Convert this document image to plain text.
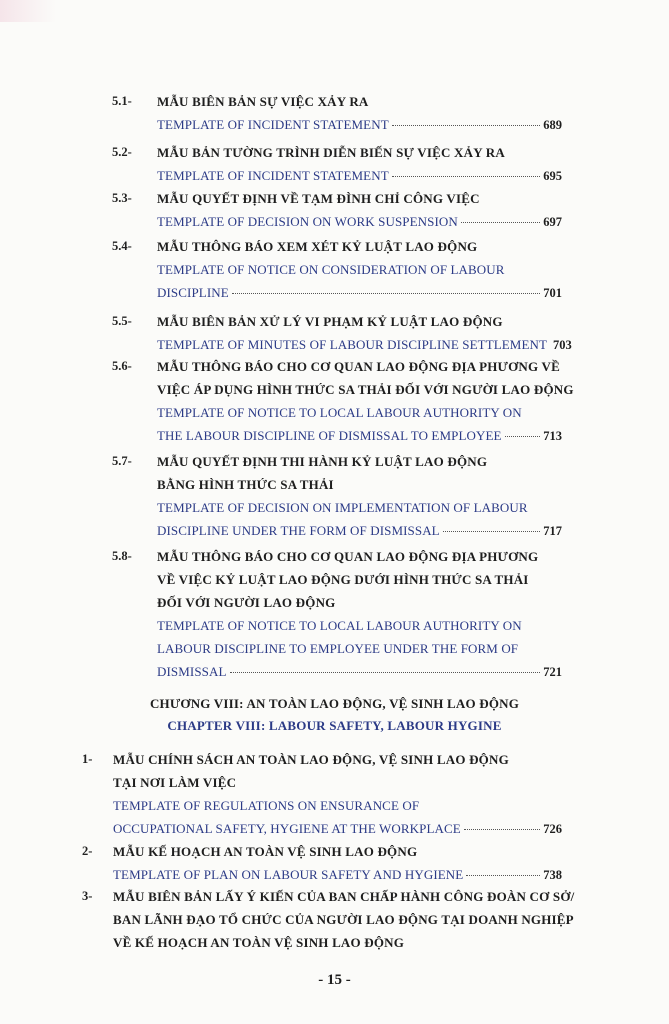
5.1- MẪU BIÊN BẢN SỰ VIỆC XẢY RA
TEMPLATE OF INCIDENT STATEMENT	689
5.2- MẪU BẢN TƯỜNG TRÌNH DIỄN BIẾN SỰ VIỆC XẢY RA
TEMPLATE OF INCIDENT STATEMENT	695
5.3- MẪU QUYẾT ĐỊNH VỀ TẠM ĐÌNH CHỈ CÔNG VIỆC
TEMPLATE OF DECISION ON WORK SUSPENSION	697
5.4- MẪU THÔNG BÁO XEM XÉT KỶ LUẬT LAO ĐỘNG
TEMPLATE OF NOTICE ON CONSIDERATION OF LABOUR
DISCIPLINE	701
5.5- MẪU BIÊN BẢN XỬ LÝ VI PHẠM KỶ LUẬT LAO ĐỘNG
TEMPLATE OF MINUTES OF LABOUR DISCIPLINE SETTLEMENT 703
5.6- MẪU THÔNG BÁO CHO CƠ QUAN LAO ĐỘNG ĐỊA PHƯƠNG VỀ
VIỆC ÁP DỤNG HÌNH THỨC SA THẢI ĐỐI VỚI NGƯỜI LAO ĐỘNG
TEMPLATE OF NOTICE TO LOCAL LABOUR AUTHORITY ON
THE LABOUR DISCIPLINE OF DISMISSAL TO EMPLOYEE	713
5.7- MẪU QUYẾT ĐỊNH THI HÀNH KỶ LUẬT LAO ĐỘNG
BẰNG HÌNH THỨC SA THẢI
TEMPLATE OF DECISION ON IMPLEMENTATION OF LABOUR
DISCIPLINE UNDER THE FORM OF DISMISSAL	717
5.8- MẪU THÔNG BÁO CHO CƠ QUAN LAO ĐỘNG ĐỊA PHƯƠNG
VỀ VIỆC KỶ LUẬT LAO ĐỘNG DƯỚI HÌNH THỨC SA THẢI
ĐỐI VỚI NGƯỜI LAO ĐỘNG
TEMPLATE OF NOTICE TO LOCAL LABOUR AUTHORITY ON
LABOUR DISCIPLINE TO EMPLOYEE UNDER THE FORM OF
DISMISSAL	721
CHƯƠNG VIII: AN TOÀN LAO ĐỘNG, VỆ SINH LAO ĐỘNG
CHAPTER VIII: LABOUR SAFETY, LABOUR HYGINE
1- MẪU CHÍNH SÁCH AN TOÀN LAO ĐỘNG, VỆ SINH LAO ĐỘNG
TẠI NƠI LÀM VIỆC
TEMPLATE OF REGULATIONS ON ENSURANCE OF
OCCUPATIONAL SAFETY, HYGIENE AT THE WORKPLACE	726
2- MẪU KẾ HOẠCH AN TOÀN VỆ SINH LAO ĐỘNG
TEMPLATE OF PLAN ON LABOUR SAFETY AND HYGIENE	738
3- MẪU BIÊN BẢN LẤY Ý KIẾN CỦA BAN CHẤP HÀNH CÔNG ĐOÀN CƠ SỞ/
BAN LÃNH ĐẠO TỔ CHỨC CỦA NGƯỜI LAO ĐỘNG TẠI DOANH NGHIỆP
VỀ KẾ HOẠCH AN TOÀN VỆ SINH LAO ĐỘNG
- 15 -
